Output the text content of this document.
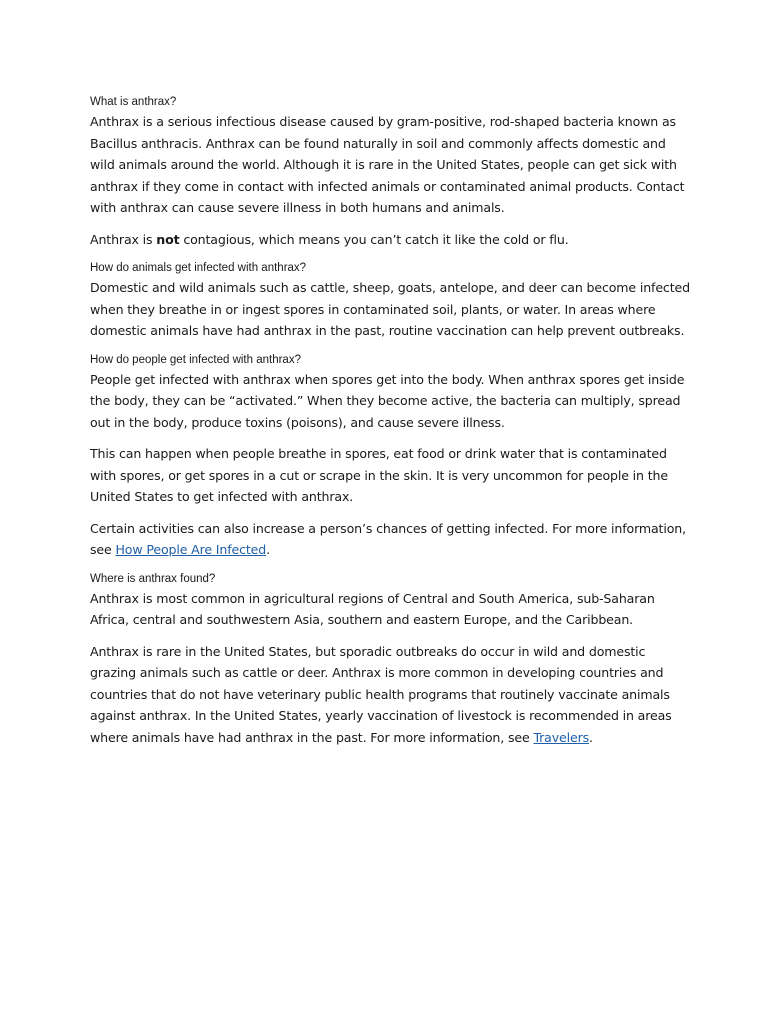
What is anthrax?

Anthrax is a serious infectious disease caused by gram-positive, rod-shaped bacteria known as Bacillus anthracis. Anthrax can be found naturally in soil and commonly affects domestic and wild animals around the world. Although it is rare in the United States, people can get sick with anthrax if they come in contact with infected animals or contaminated animal products. Contact with anthrax can cause severe illness in both humans and animals.

Anthrax is not contagious, which means you can’t catch it like the cold or flu.

How do animals get infected with anthrax?

Domestic and wild animals such as cattle, sheep, goats, antelope, and deer can become infected when they breathe in or ingest spores in contaminated soil, plants, or water. In areas where domestic animals have had anthrax in the past, routine vaccination can help prevent outbreaks.

How do people get infected with anthrax?

People get infected with anthrax when spores get into the body. When anthrax spores get inside the body, they can be “activated.” When they become active, the bacteria can multiply, spread out in the body, produce toxins (poisons), and cause severe illness.

This can happen when people breathe in spores, eat food or drink water that is contaminated with spores, or get spores in a cut or scrape in the skin. It is very uncommon for people in the United States to get infected with anthrax.

Certain activities can also increase a person’s chances of getting infected. For more information, see How People Are Infected.

Where is anthrax found?

Anthrax is most common in agricultural regions of Central and South America, sub-Saharan Africa, central and southwestern Asia, southern and eastern Europe, and the Caribbean.

Anthrax is rare in the United States, but sporadic outbreaks do occur in wild and domestic grazing animals such as cattle or deer. Anthrax is more common in developing countries and countries that do not have veterinary public health programs that routinely vaccinate animals against anthrax. In the United States, yearly vaccination of livestock is recommended in areas where animals have had anthrax in the past. For more information, see Travelers.
